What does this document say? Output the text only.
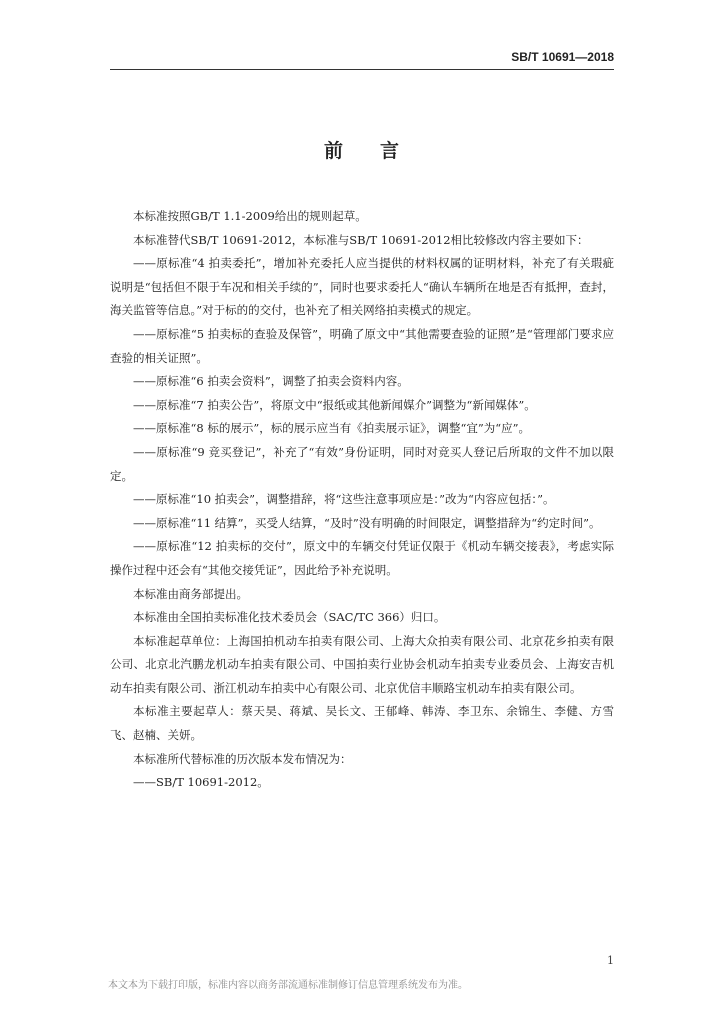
SB/T 10691—2018
前 言

本标准按照GB/T 1.1-2009给出的规则起草。

本标准替代SB/T 10691-2012，本标准与SB/T 10691-2012相比较修改内容主要如下：

——原标准“4 拍卖委托”，增加补充委托人应当提供的材料权属的证明材料，补充了有关瑕疵说明是“包括但不限于车况和相关手续的”，同时也要求委托人“确认车辆所在地是否有抵押，查封，海关监管等信息。”对于标的的交付，也补充了相关网络拍卖模式的规定。

——原标准“5 拍卖标的查验及保管”，明确了原文中“其他需要查验的证照”是“管理部门要求应查验的相关证照”。

——原标准“6 拍卖会资料”，调整了拍卖会资料内容。

——原标准“7 拍卖公告”，将原文中“报纸或其他新闻媒介”调整为“新闻媒体”。

——原标准“8 标的展示”，标的展示应当有《拍卖展示证》，调整“宜”为“应”。

——原标准“9 竞买登记”，补充了“有效”身份证明，同时对竞买人登记后所取的文件不加以限定。

——原标准“10 拍卖会”，调整措辞，将“这些注意事项应是：”改为“内容应包括：”。

——原标准“11 结算”，买受人结算，“及时”没有明确的时间限定，调整措辞为“约定时间”。

——原标准“12 拍卖标的交付”，原文中的车辆交付凭证仅限于《机动车辆交接表》，考虑实际操作过程中还会有“其他交接凭证”，因此给予补充说明。

本标准由商务部提出。

本标准由全国拍卖标准化技术委员会（SAC/TC 366）归口。

本标准起草单位：上海国拍机动车拍卖有限公司、上海大众拍卖有限公司、北京花乡拍卖有限公司、北京北汽鹏龙机动车拍卖有限公司、中国拍卖行业协会机动车拍卖专业委员会、上海安吉机动车拍卖有限公司、浙江机动车拍卖中心有限公司、北京优信丰顺路宝机动车拍卖有限公司。

本标准主要起草人：蔡天昊、蒋斌、吴长文、王郁峰、韩涛、李卫东、余锦生、李健、方雪飞、赵楠、关妍。

本标准所代替标准的历次版本发布情况为：

——SB/T 10691-2012。

1
本文本为下载打印版，标准内容以商务部流通标准制修订信息管理系统发布为准。
